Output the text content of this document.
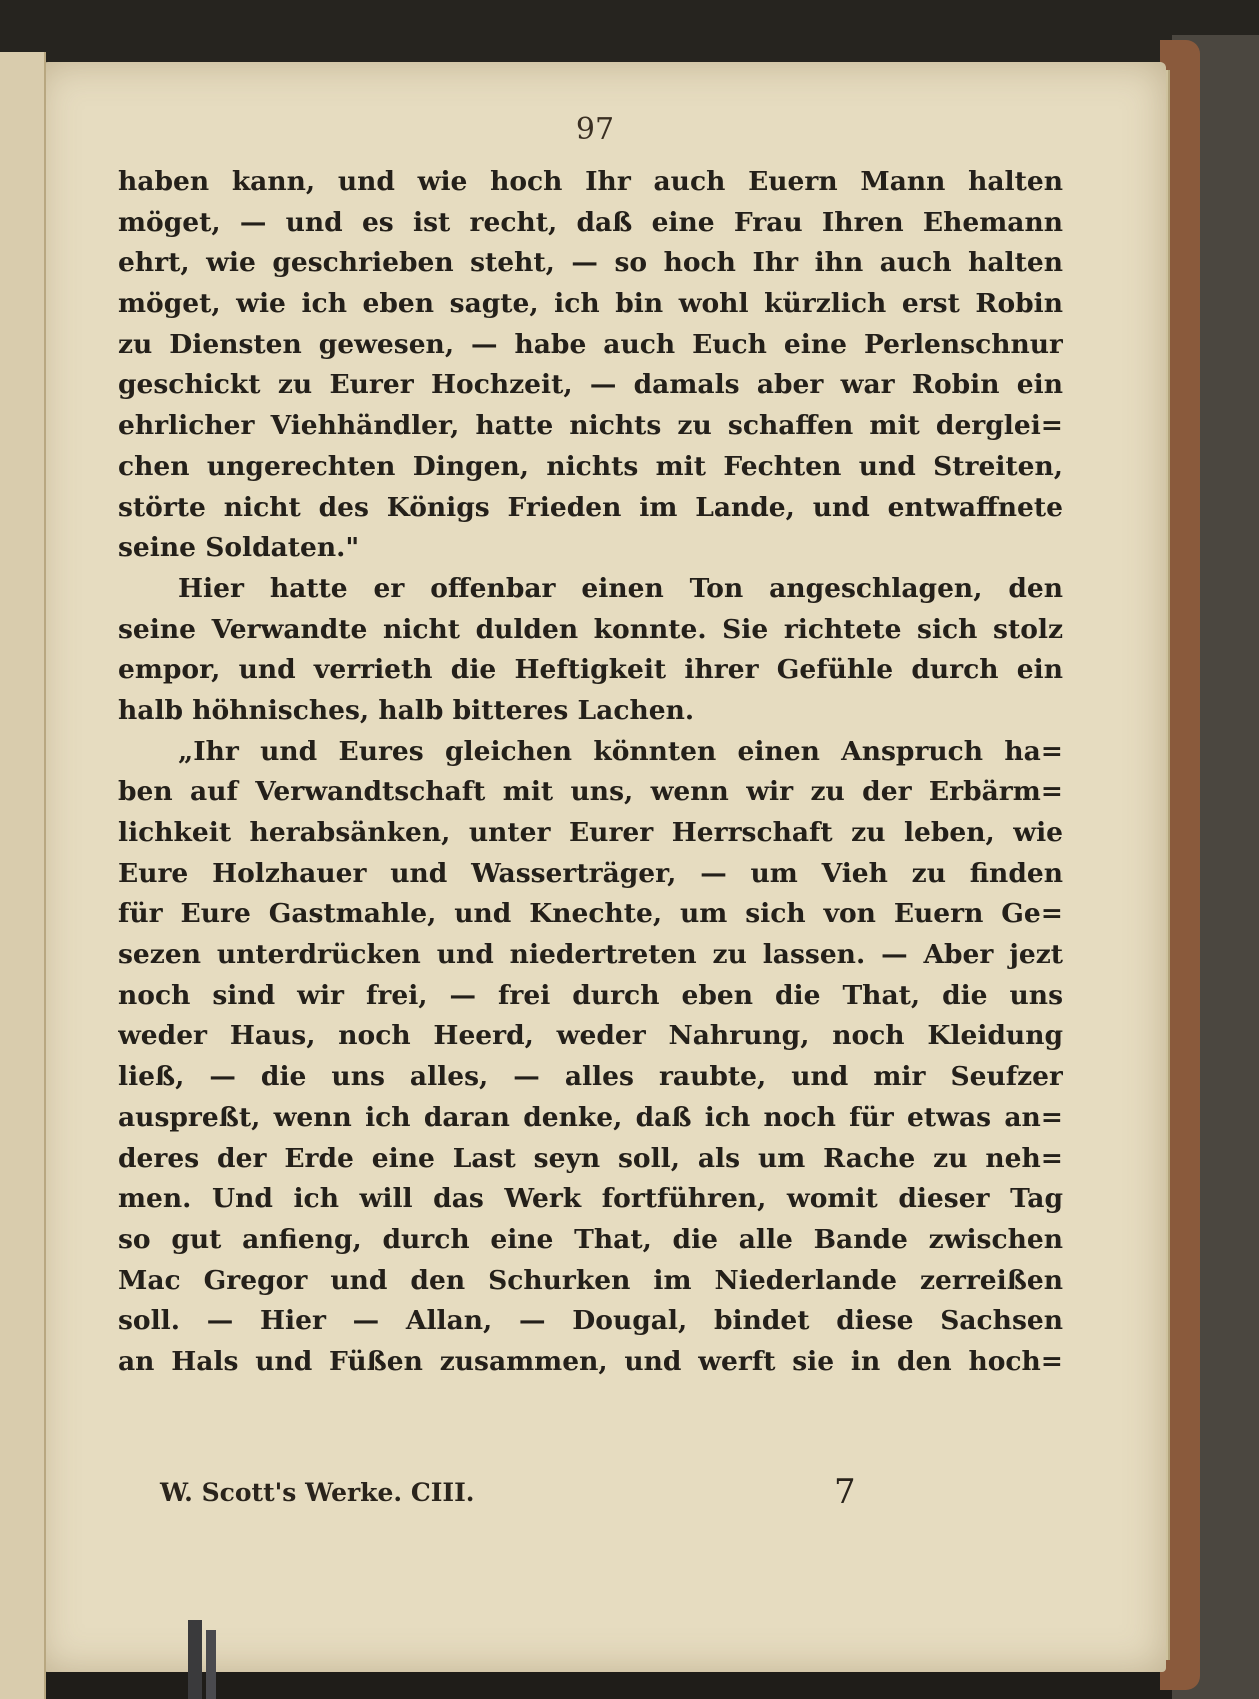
97
haben kann, und wie hoch Ihr auch Euern Mann halten
möget, — und es ist recht, daß eine Frau Ihren Ehemann
ehrt, wie geschrieben steht, — so hoch Ihr ihn auch halten
möget, wie ich eben sagte, ich bin wohl kürzlich erst Robin
zu Diensten gewesen, — habe auch Euch eine Perlenschnur
geschickt zu Eurer Hochzeit, — damals aber war Robin ein
ehrlicher Viehhändler, hatte nichts zu schaffen mit derglei=
chen ungerechten Dingen, nichts mit Fechten und Streiten,
störte nicht des Königs Frieden im Lande, und entwaffnete
seine Soldaten."
Hier hatte er offenbar einen Ton angeschlagen, den
seine Verwandte nicht dulden konnte. Sie richtete sich stolz
empor, und verrieth die Heftigkeit ihrer Gefühle durch ein
halb höhnisches, halb bitteres Lachen.
„Ihr und Eures gleichen könnten einen Anspruch ha=
ben auf Verwandtschaft mit uns, wenn wir zu der Erbärm=
lichkeit herabsänken, unter Eurer Herrschaft zu leben, wie
Eure Holzhauer und Wasserträger, — um Vieh zu finden
für Eure Gastmahle, und Knechte, um sich von Euern Ge=
sezen unterdrücken und niedertreten zu lassen. — Aber jezt
noch sind wir frei, — frei durch eben die That, die uns
weder Haus, noch Heerd, weder Nahrung, noch Kleidung
ließ, — die uns alles, — alles raubte, und mir Seufzer
auspreßt, wenn ich daran denke, daß ich noch für etwas an=
deres der Erde eine Last seyn soll, als um Rache zu neh=
men. Und ich will das Werk fortführen, womit dieser Tag
so gut anfieng, durch eine That, die alle Bande zwischen
Mac Gregor und den Schurken im Niederlande zerreißen
soll. — Hier — Allan, — Dougal, bindet diese Sachsen
an Hals und Füßen zusammen, und werft sie in den hoch=
W. Scott's Werke. CIII.	7
